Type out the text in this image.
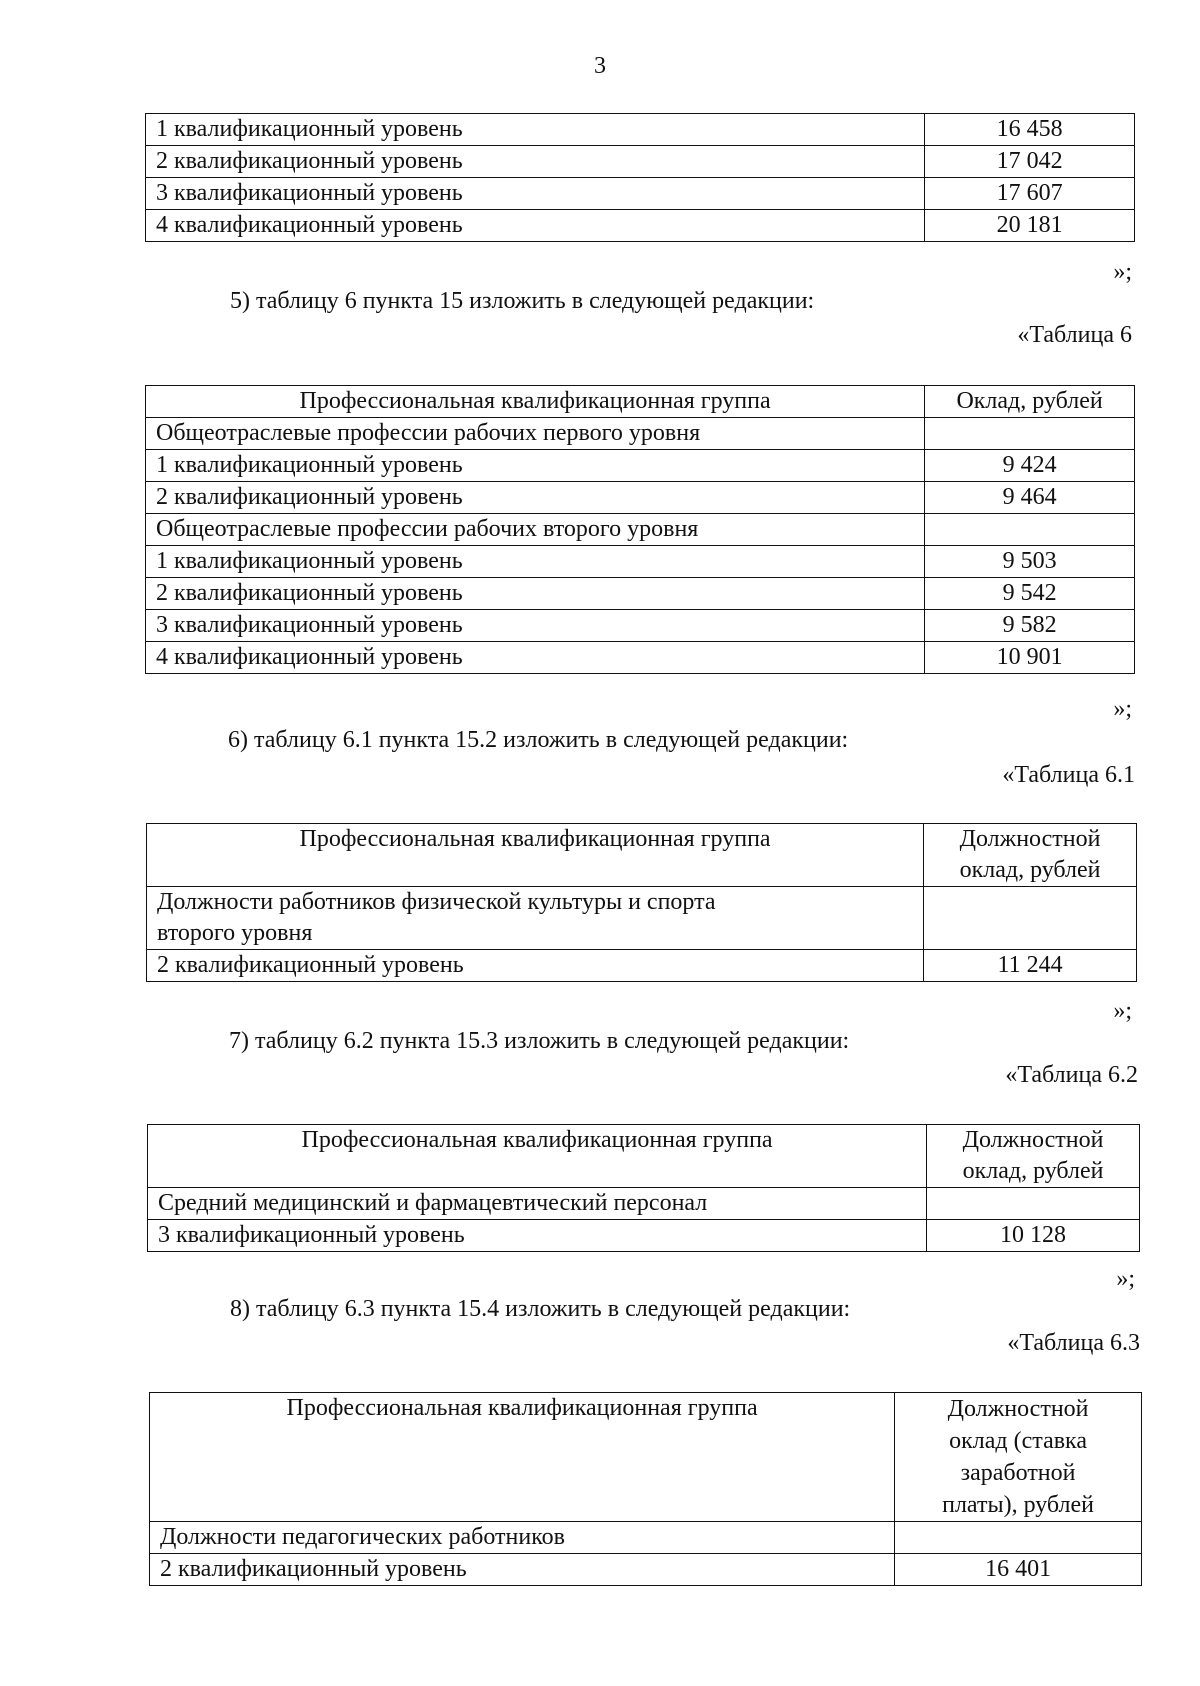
3
1 квалификационный уровень	16 458
2 квалификационный уровень	17 042
3 квалификационный уровень	17 607
4 квалификационный уровень	20 181
»;
5) таблицу 6 пункта 15 изложить в следующей редакции:
«Таблица 6
Профессиональная квалификационная группа	Оклад, рублей
Общеотраслевые профессии рабочих первого уровня	
1 квалификационный уровень	9 424
2 квалификационный уровень	9 464
Общеотраслевые профессии рабочих второго уровня	
1 квалификационный уровень	9 503
2 квалификационный уровень	9 542
3 квалификационный уровень	9 582
4 квалификационный уровень	10 901
»;
6) таблицу 6.1 пункта 15.2 изложить в следующей редакции:
«Таблица 6.1
Профессиональная квалификационная группа	Должностной
оклад, рублей

Должности работников физической культуры и спорта
второго уровня	

2 квалификационный уровень	11 244
»;
7) таблицу 6.2 пункта 15.3 изложить в следующей редакции:
«Таблица 6.2
Профессиональная квалификационная группа	Должностной
оклад, рублей

Средний медицинский и фармацевтический персонал	
3 квалификационный уровень	10 128
»;
8) таблицу 6.3 пункта 15.4 изложить в следующей редакции:
«Таблица 6.3
Профессиональная квалификационная группа	Должностной
оклад (ставка
заработной
платы), рублей

Должности педагогических работников	
2 квалификационный уровень	16 401
